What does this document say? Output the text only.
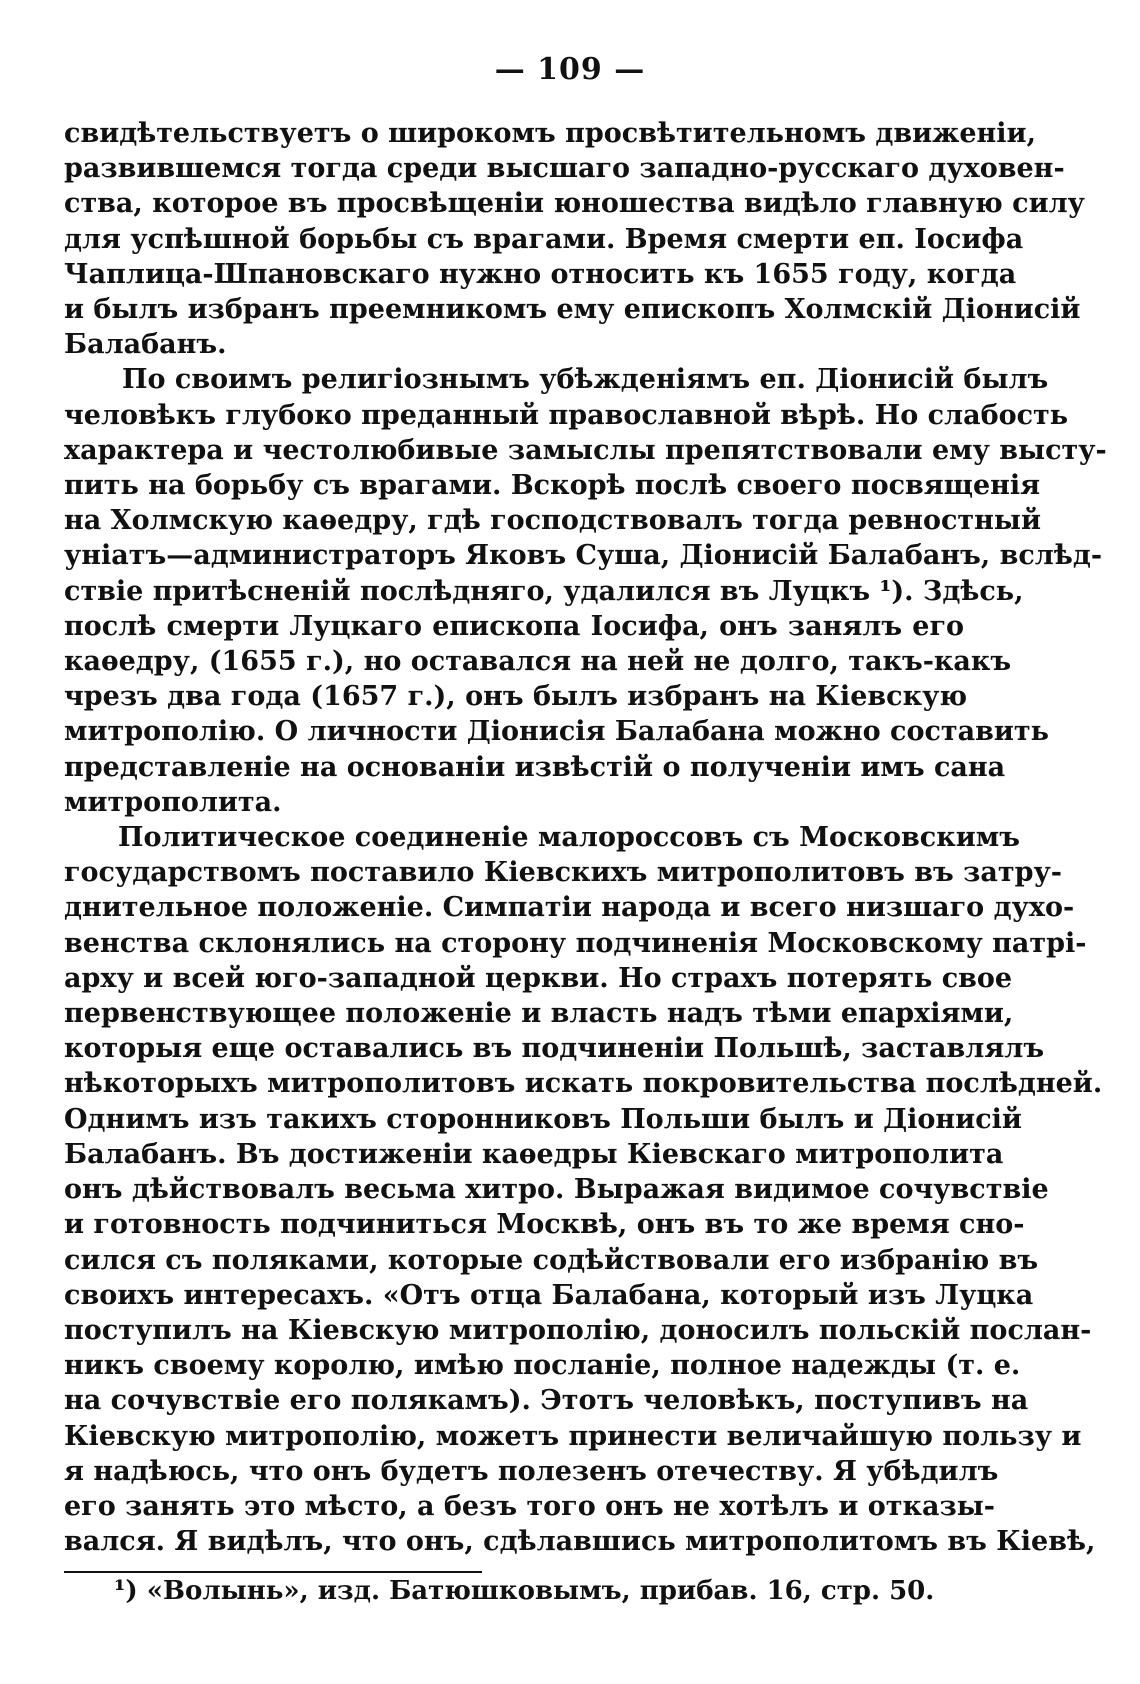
— 109 —
свидѣтельствуетъ о широкомъ просвѣтительномъ движеніи,
развившемся тогда среди высшаго западно-русскаго духовен-
ства, которое въ просвѣщеніи юношества видѣло главную силу
для успѣшной борьбы съ врагами. Время смерти еп. Іосифа
Чаплица-Шпановскаго нужно относить къ 1655 году, когда
и былъ избранъ преемникомъ ему епископъ Холмскій Діонисій
Балабанъ.
По своимъ религіознымъ убѣжденіямъ еп. Діонисій былъ
человѣкъ глубоко преданный православной вѣрѣ. Но слабость
характера и честолюбивые замыслы препятствовали ему высту-
пить на борьбу съ врагами. Вскорѣ послѣ своего посвященія
на Холмскую каѳедру, гдѣ господствовалъ тогда ревностный
уніатъ—администраторъ Яковъ Суша, Діонисій Балабанъ, вслѣд-
ствіе притѣсненій послѣдняго, удалился въ Луцкъ ¹). Здѣсь,
послѣ смерти Луцкаго епископа Іосифа, онъ занялъ его
каѳедру, (1655 г.), но оставался на ней не долго, такъ-какъ
чрезъ два года (1657 г.), онъ былъ избранъ на Кіевскую
митрополію. О личности Діонисія Балабана можно составить
представленіе на основаніи извѣстій о полученіи имъ сана
митрополита.
Политическое соединеніе малороссовъ съ Московскимъ
государствомъ поставило Кіевскихъ митрополитовъ въ затру-
днительное положеніе. Симпатіи народа и всего низшаго духо-
венства склонялись на сторону подчиненія Московскому патрі-
арху и всей юго-западной церкви. Но страхъ потерять свое
первенствующее положеніе и власть надъ тѣми епархіями,
которыя еще оставались въ подчиненіи Польшѣ, заставлялъ
нѣкоторыхъ митрополитовъ искать покровительства послѣдней.
Однимъ изъ такихъ сторонниковъ Польши былъ и Діонисій
Балабанъ. Въ достиженіи каѳедры Кіевскаго митрополита
онъ дѣйствовалъ весьма хитро. Выражая видимое сочувствіе
и готовность подчиниться Москвѣ, онъ въ то же время сно-
сился съ поляками, которые содѣйствовали его избранію въ
своихъ интересахъ. «Отъ отца Балабана, который изъ Луцка
поступилъ на Кіевскую митрополію, доносилъ польскій послан-
никъ своему королю, имѣю посланіе, полное надежды (т. е.
на сочувствіе его полякамъ). Этотъ человѣкъ, поступивъ на
Кіевскую митрополію, можетъ принести величайшую пользу и
я надѣюсь, что онъ будетъ полезенъ отечеству. Я убѣдилъ
его занять это мѣсто, а безъ того онъ не хотѣлъ и отказы-
вался. Я видѣлъ, что онъ, сдѣлавшись митрополитомъ въ Кіевѣ,
¹) «Волынь», изд. Батюшковымъ, прибав. 16, стр. 50.
